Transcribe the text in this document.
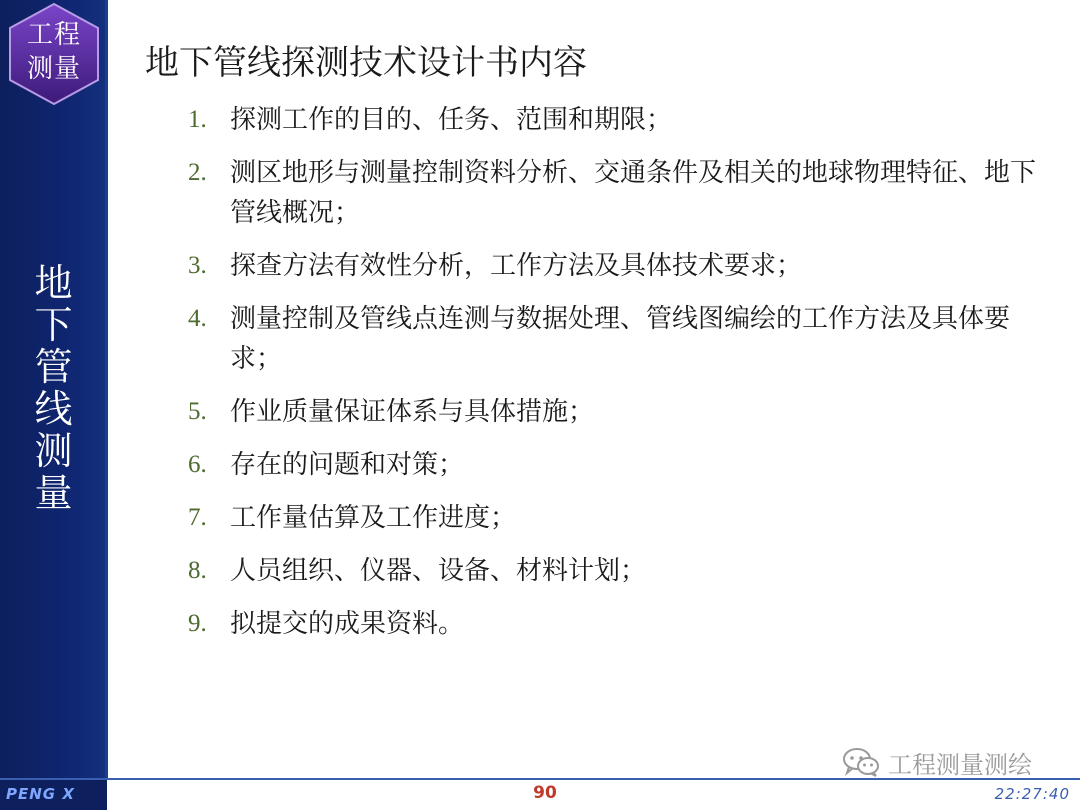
工程
测量
地
下
管
线
测
量
地下管线探测技术设计书内容
1. 探测工作的目的、任务、范围和期限；
2. 测区地形与测量控制资料分析、交通条件及相关的地球物理特征、地下管线概况；
3. 探查方法有效性分析，工作方法及具体技术要求；
4. 测量控制及管线点连测与数据处理、管线图编绘的工作方法及具体要求；
5. 作业质量保证体系与具体措施；
6. 存在的问题和对策；
7. 工作量估算及工作进度；
8. 人员组织、仪器、设备、材料计划；
9. 拟提交的成果资料。
工程测量测绘
PENG X	90	22:27:40
